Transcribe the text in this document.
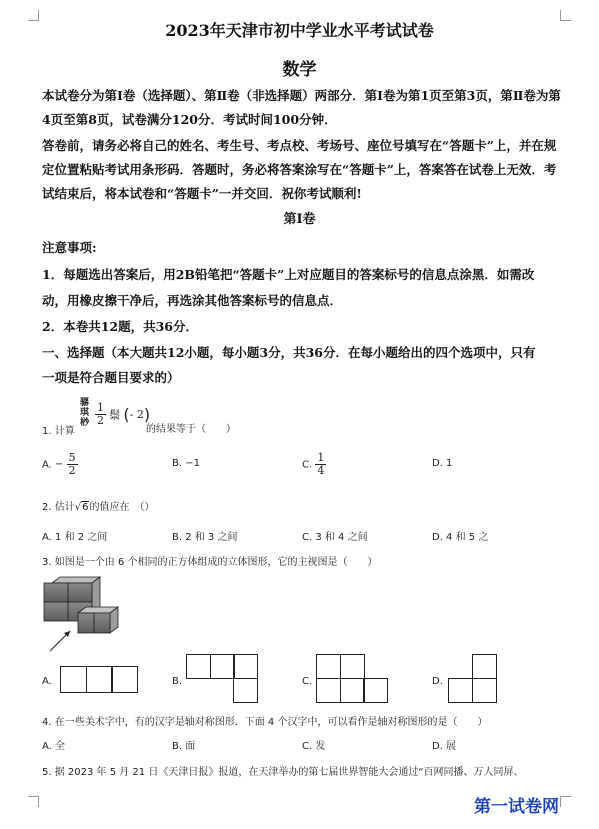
2023年天津市初中学业水平考试试卷
数学
本试卷分为第Ⅰ卷（选择题）、第Ⅱ卷（非选择题）两部分．第Ⅰ卷为第1页至第3页，第Ⅱ卷为第4页至第8页，试卷满分120分．考试时间100分钟．
答卷前，请务必将自己的姓名、考生号、考点校、考场号、座位号填写在“答题卡”上，并在规定位置粘贴考试用条形码．答题时，务必将答案涂写在“答题卡”上，答案答在试卷上无效．考试结束后，将本试卷和“答题卡”一并交回．祝你考试顺利!
第Ⅰ卷
注意事项:
1．每题选出答案后，用2B铅笔把“答题卡”上对应题目的答案标号的信息点涂黑．如需改
动，用橡皮擦干净后，再选涂其他答案标号的信息点．
2．本卷共12题，共36分．
一、选择题（本大题共12小题，每小题3分，共36分．在每小题给出的四个选项中，只有
一项是符合题目要求的）
1. 计算
骣
琪
桫 $\frac{1}{2}$ 鬃 (- 2)
的结果等于（　　）
A. − $\frac{5}{2}$	B. −1	C. $\frac{1}{4}$	D. 1
2. 估计√6的值应在　（）
A. 1 和 2 之间	B. 2 和 3 之间	C. 3 和 4 之间	D. 4 和 5 之
3. 如图是一个由 6 个相同的正方体组成的立体图形，它的主视图是（　　）
A.	B.	C.	D.
4. 在一些美术字中，有的汉字是轴对称图形．下面 4 个汉字中，可以看作是轴对称图形的是（　　）
A. 全	B. 面	C. 发	D. 展
5. 据 2023 年 5 月 21 日《天津日报》报道，在天津举办的第七届世界智能大会通过“百网同播、万人同屏、
第一试卷网
